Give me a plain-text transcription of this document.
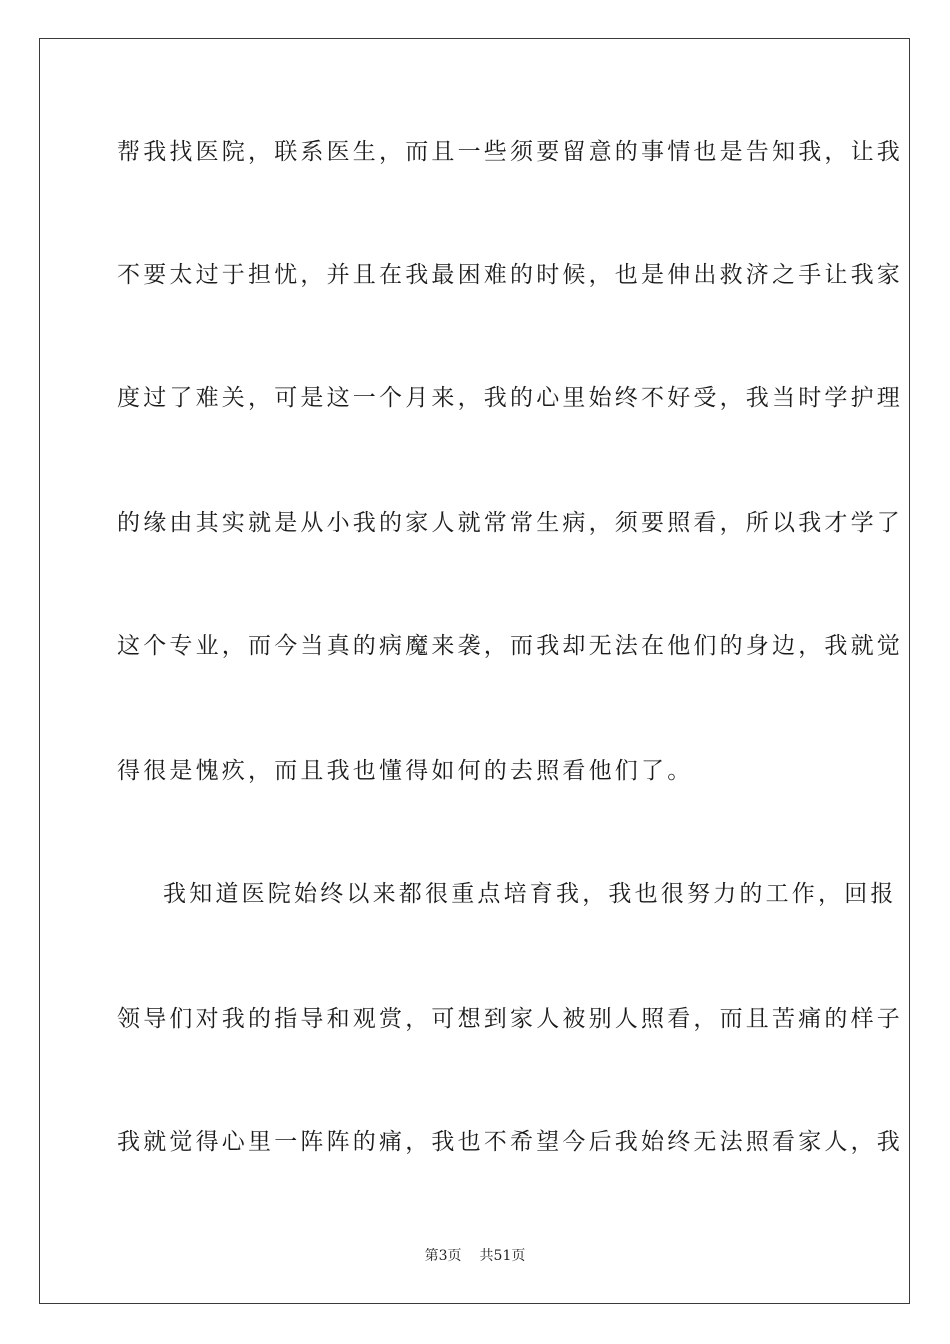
帮我找医院，联系医生，而且一些须要留意的事情也是告知我，让我
不要太过于担忧，并且在我最困难的时候，也是伸出救济之手让我家
度过了难关，可是这一个月来，我的心里始终不好受，我当时学护理
的缘由其实就是从小我的家人就常常生病，须要照看，所以我才学了
这个专业，而今当真的病魔来袭，而我却无法在他们的身边，我就觉
得很是愧疚，而且我也懂得如何的去照看他们了。
我知道医院始终以来都很重点培育我，我也很努力的工作，回报
领导们对我的指导和观赏，可想到家人被别人照看，而且苦痛的样子
我就觉得心里一阵阵的痛，我也不希望今后我始终无法照看家人，我
第3页 共51页
